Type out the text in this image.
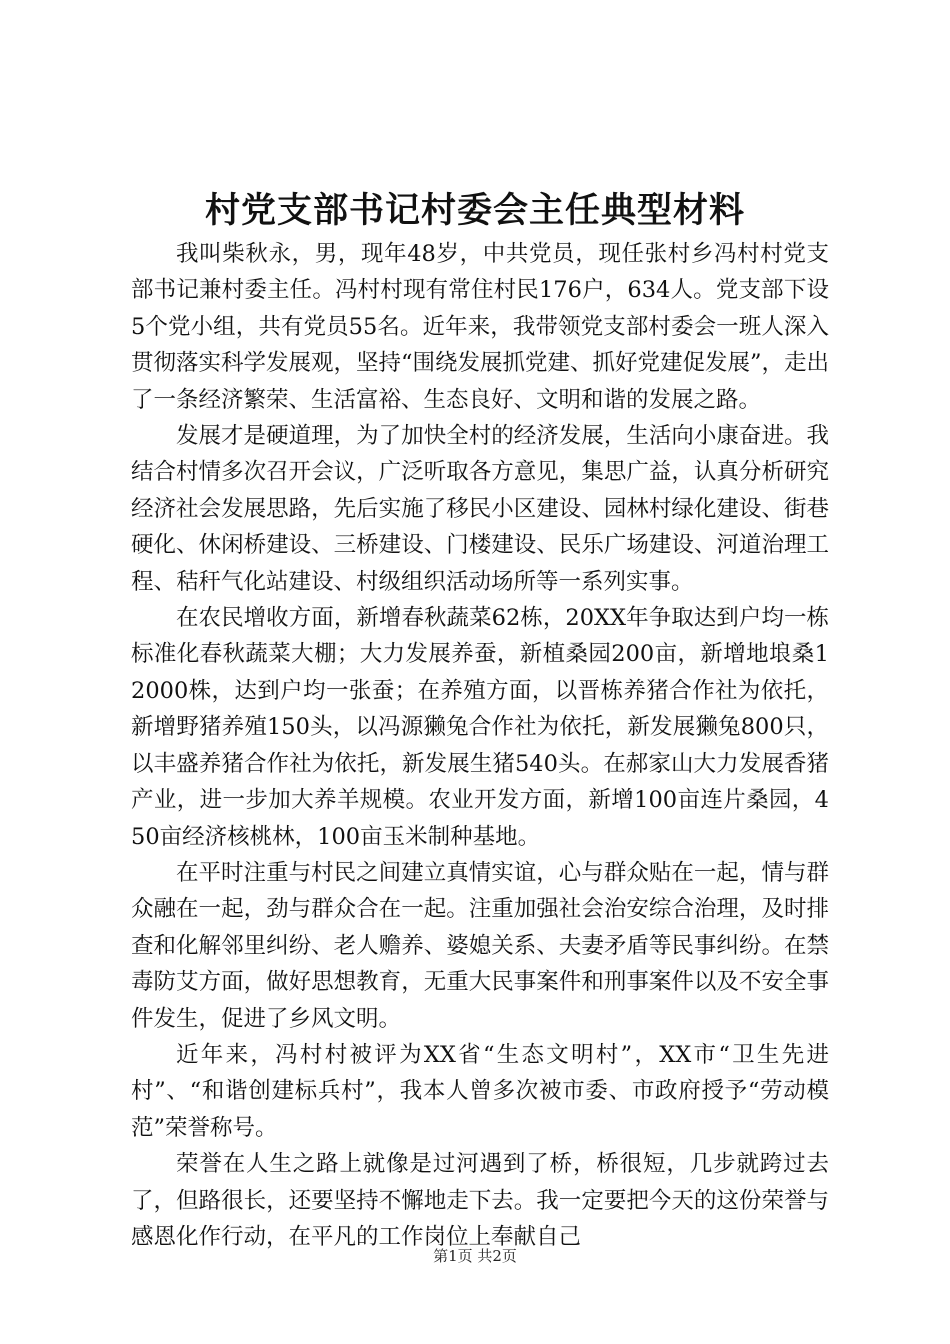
村党支部书记村委会主任典型材料

我叫柴秋永，男，现年48岁，中共党员，现任张村乡冯村村党支部书记兼村委主任。冯村村现有常住村民176户，634人。党支部下设5个党小组，共有党员55名。近年来，我带领党支部村委会一班人深入贯彻落实科学发展观，坚持“围绕发展抓党建、抓好党建促发展”，走出了一条经济繁荣、生活富裕、生态良好、文明和谐的发展之路。

发展才是硬道理，为了加快全村的经济发展，生活向小康奋进。我结合村情多次召开会议，广泛听取各方意见，集思广益，认真分析研究经济社会发展思路，先后实施了移民小区建设、园林村绿化建设、街巷硬化、休闲桥建设、三桥建设、门楼建设、民乐广场建设、河道治理工程、秸秆气化站建设、村级组织活动场所等一系列实事。

在农民增收方面，新增春秋蔬菜62栋，20XX年争取达到户均一栋标准化春秋蔬菜大棚；大力发展养蚕，新植桑园200亩，新增地埌桑12000株，达到户均一张蚕；在养殖方面，以晋栋养猪合作社为依托，新增野猪养殖150头，以冯源獭兔合作社为依托，新发展獭兔800只，以丰盛养猪合作社为依托，新发展生猪540头。在郝家山大力发展香猪产业，进一步加大养羊规模。农业开发方面，新增100亩连片桑园，450亩经济核桃林，100亩玉米制种基地。

在平时注重与村民之间建立真情实谊，心与群众贴在一起，情与群众融在一起，劲与群众合在一起。注重加强社会治安综合治理，及时排查和化解邻里纠纷、老人赡养、婆媳关系、夫妻矛盾等民事纠纷。在禁毒防艾方面，做好思想教育，无重大民事案件和刑事案件以及不安全事件发生，促进了乡风文明。

近年来，冯村村被评为XX省“生态文明村”，XX市“卫生先进村”、“和谐创建标兵村”，我本人曾多次被市委、市政府授予“劳动模范”荣誉称号。

荣誉在人生之路上就像是过河遇到了桥，桥很短，几步就跨过去了，但路很长，还要坚持不懈地走下去。我一定要把今天的这份荣誉与感恩化作行动，在平凡的工作岗位上奉献自己

第1页 共2页
